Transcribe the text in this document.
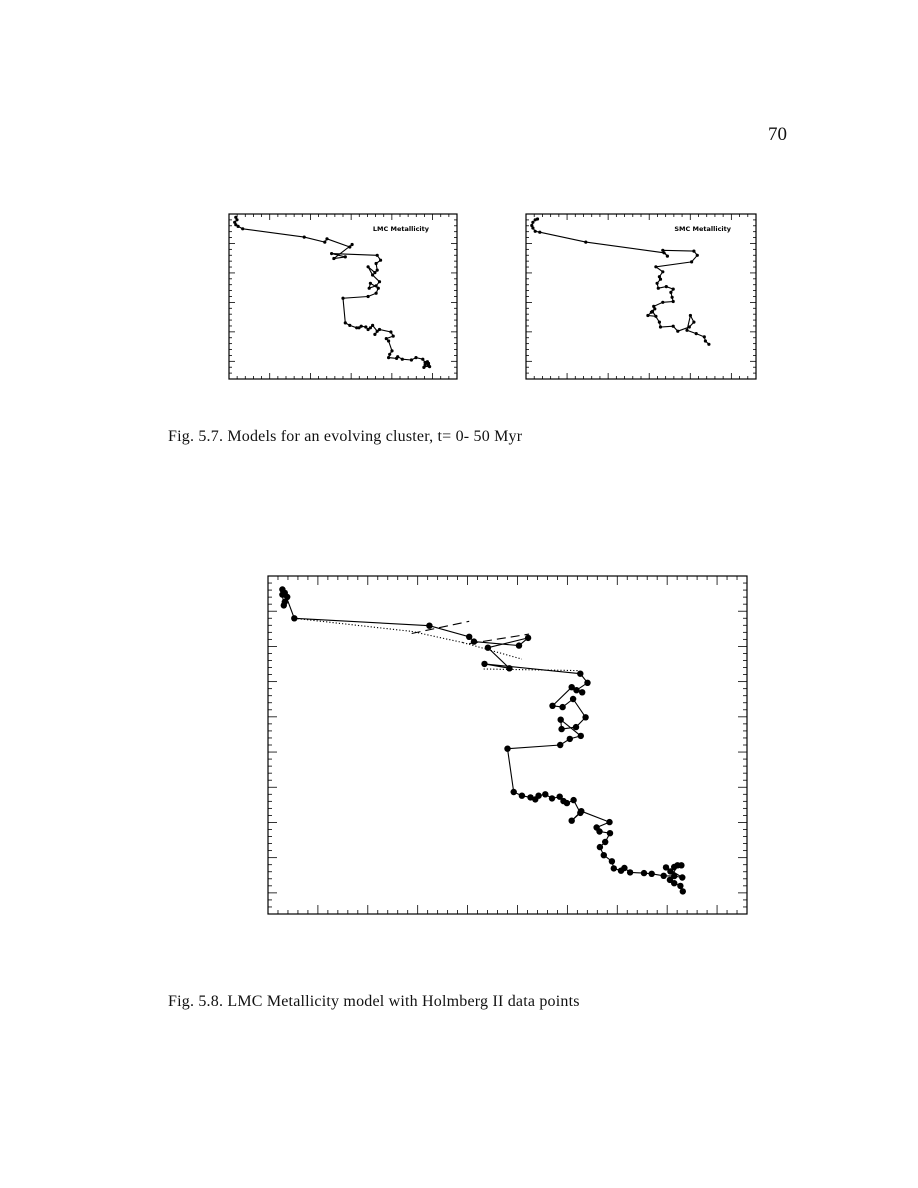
70
LMC Metallicity	SMC Metallicity
Fig. 5.7. Models for an evolving cluster, t= 0- 50 Myr
Fig. 5.8. LMC Metallicity model with Holmberg II data points
